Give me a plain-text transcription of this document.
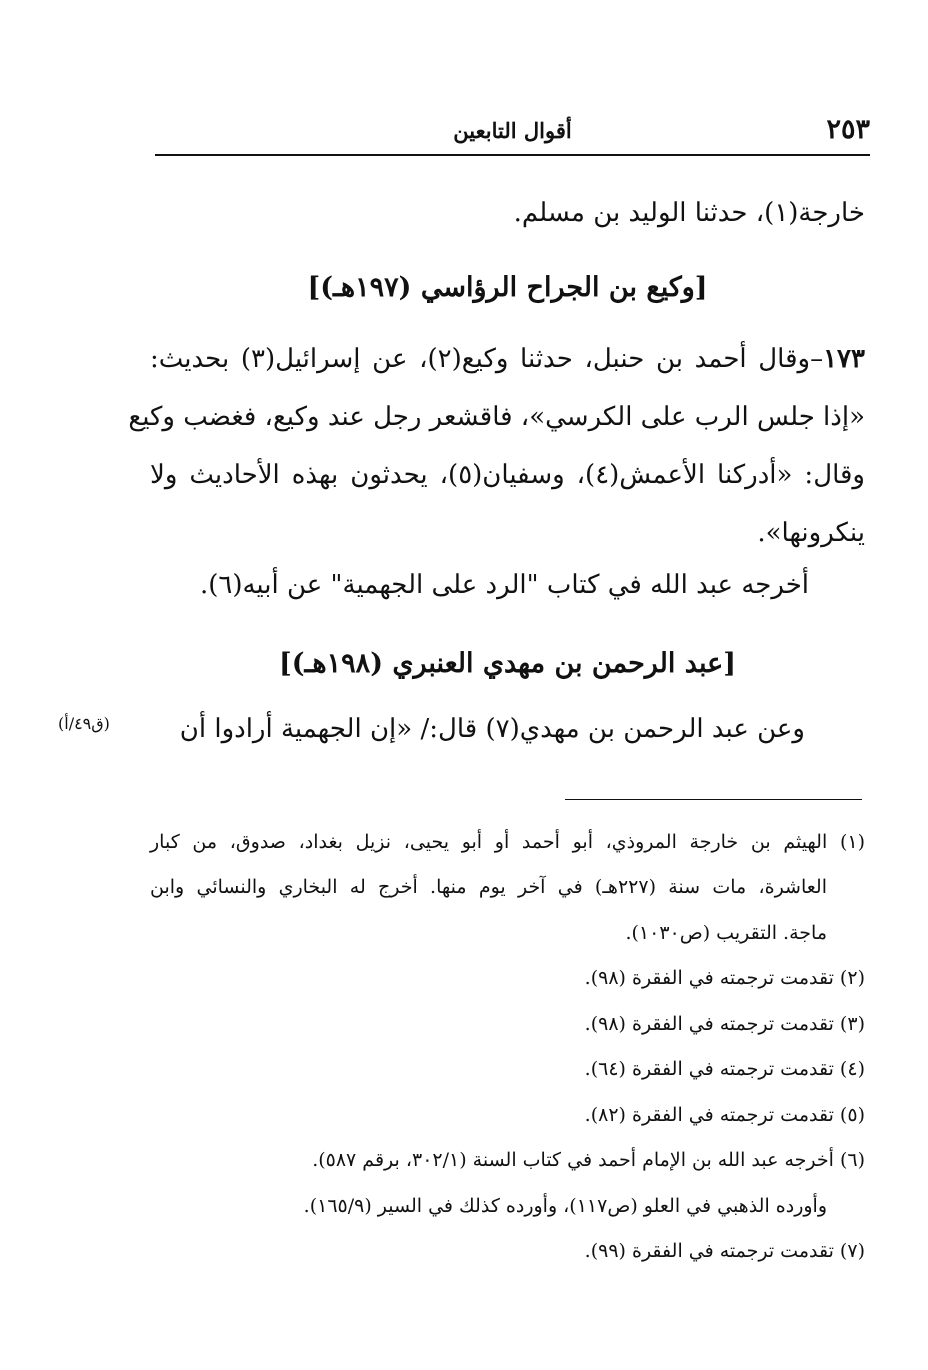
٢٥٣
أقوال التابعين
خارجة(١)، حدثنا الوليد بن مسلم.
[وكيع بن الجراح الرؤاسي (١٩٧هـ)]
١٧٣–وقال أحمد بن حنبل، حدثنا وكيع(٢)، عن إسرائيل(٣) بحديث:
«إذا جلس الرب على الكرسي»، فاقشعر رجل عند وكيع، فغضب وكيع
وقال: «أدركنا الأعمش(٤)، وسفيان(٥)، يحدثون بهذه الأحاديث ولا
ينكرونها».
أخرجه عبد الله في كتاب "الرد على الجهمية" عن أبيه(٦).
[عبد الرحمن بن مهدي العنبري (١٩٨هـ)]
وعن عبد الرحمن بن مهدي(٧) قال:/ «إن الجهمية أرادوا أن
(ق٤٩/أ)
(١) الهيثم بن خارجة المروذي، أبو أحمد أو أبو يحيى، نزيل بغداد، صدوق، من كبار
العاشرة، مات سنة (٢٢٧هـ) في آخر يوم منها. أخرج له البخاري والنسائي وابن
ماجة. التقريب (ص١٠٣٠).
(٢) تقدمت ترجمته في الفقرة (٩٨).
(٣) تقدمت ترجمته في الفقرة (٩٨).
(٤) تقدمت ترجمته في الفقرة (٦٤).
(٥) تقدمت ترجمته في الفقرة (٨٢).
(٦) أخرجه عبد الله بن الإمام أحمد في كتاب السنة (٣٠٢/١، برقم ٥٨٧).
وأورده الذهبي في العلو (ص١١٧)، وأورده كذلك في السير (١٦٥/٩).
(٧) تقدمت ترجمته في الفقرة (٩٩).
